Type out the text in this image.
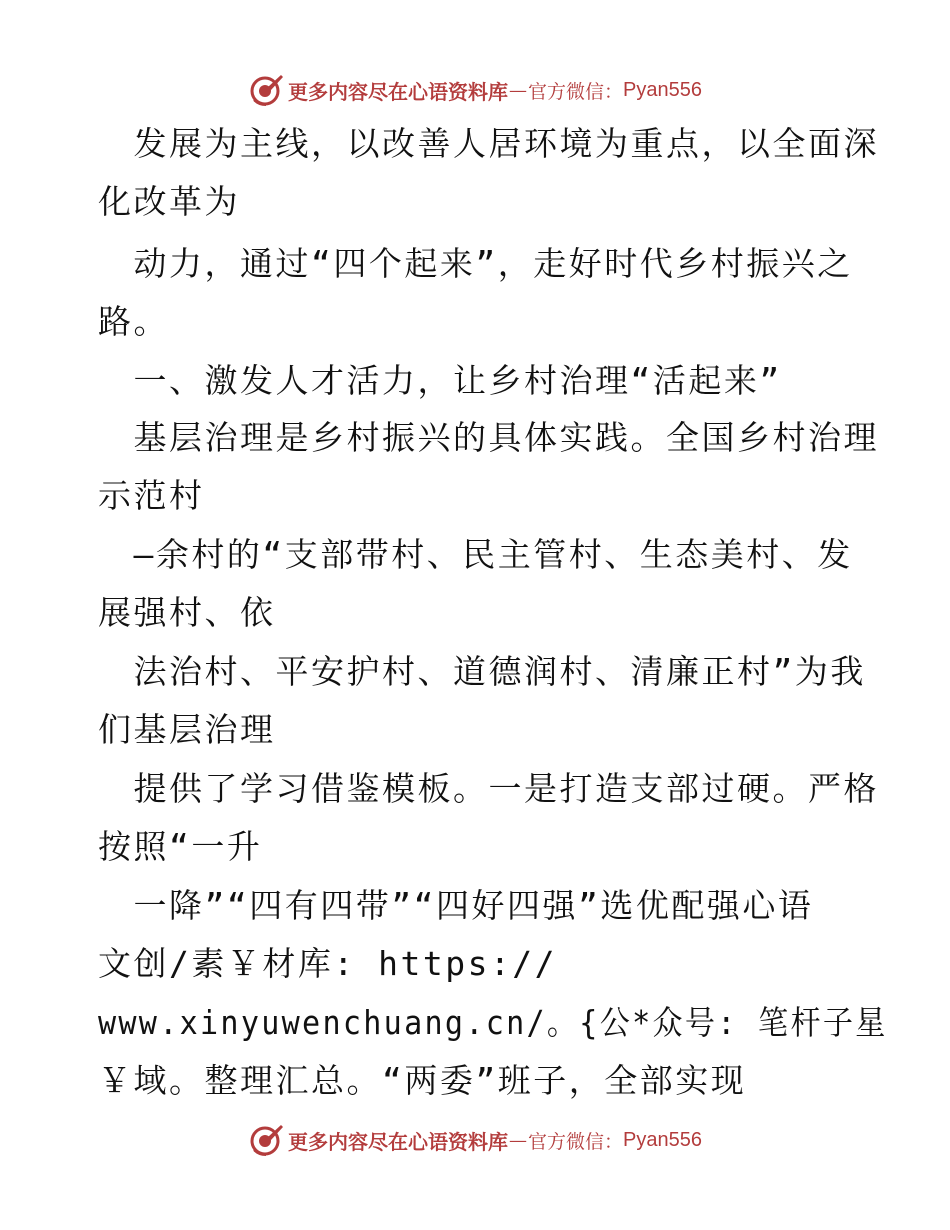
更多内容尽在心语资料库 — 官方微信： Pyan556
　发展为主线，以改善人居环境为重点，以全面深
化改革为
　动力，通过“四个起来”，走好时代乡村振兴之
路。
　一、激发人才活力，让乡村治理“活起来”
　基层治理是乡村振兴的具体实践。全国乡村治理
示范村
　—余村的“支部带村、民主管村、生态美村、发
展强村、依
　法治村、平安护村、道德润村、清廉正村”为我
们基层治理
　提供了学习借鉴模板。一是打造支部过硬。严格
按照“一升
　一降”“四有四带”“四好四强”选优配强心语
文创/素￥材库: https://
www.xinyuwenchuang.cn/。{公*众号: 笔杆子星
￥域。整理汇总。“两委”班子，全部实现
更多内容尽在心语资料库 — 官方微信： Pyan556
